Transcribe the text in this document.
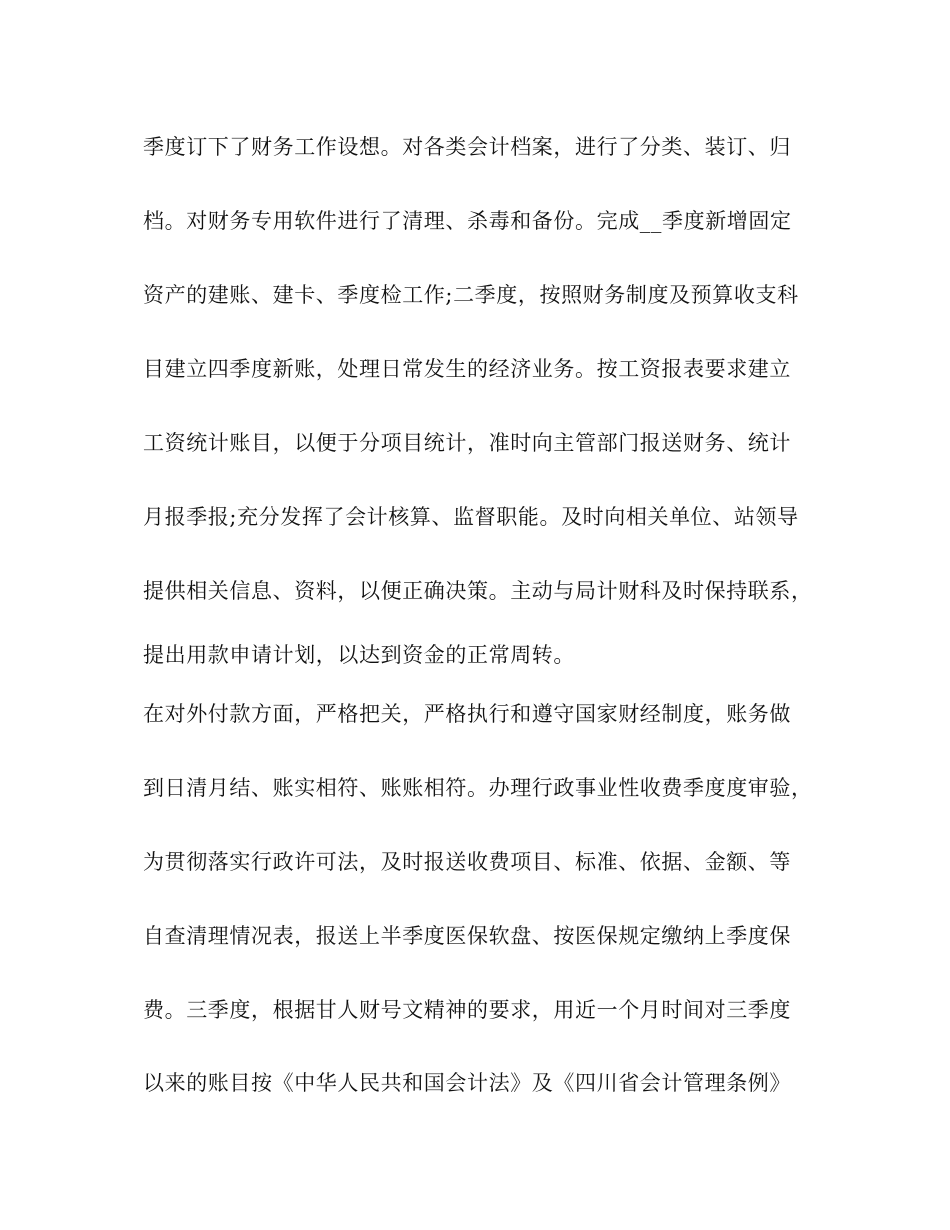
季度订下了财务工作设想。对各类会计档案，进行了分类、装订、归
档。对财务专用软件进行了清理、杀毒和备份。完成__季度新增固定
资产的建账、建卡、季度检工作;二季度，按照财务制度及预算收支科
目建立四季度新账，处理日常发生的经济业务。按工资报表要求建立
工资统计账目，以便于分项目统计，准时向主管部门报送财务、统计
月报季报;充分发挥了会计核算、监督职能。及时向相关单位、站领导
提供相关信息、资料，以便正确决策。主动与局计财科及时保持联系，
提出用款申请计划，以达到资金的正常周转。
在对外付款方面，严格把关，严格执行和遵守国家财经制度，账务做
到日清月结、账实相符、账账相符。办理行政事业性收费季度度审验，
为贯彻落实行政许可法，及时报送收费项目、标准、依据、金额、等
自查清理情况表，报送上半季度医保软盘、按医保规定缴纳上季度保
费。三季度，根据甘人财号文精神的要求，用近一个月时间对三季度
以来的账目按《中华人民共和国会计法》及《四川省会计管理条例》
